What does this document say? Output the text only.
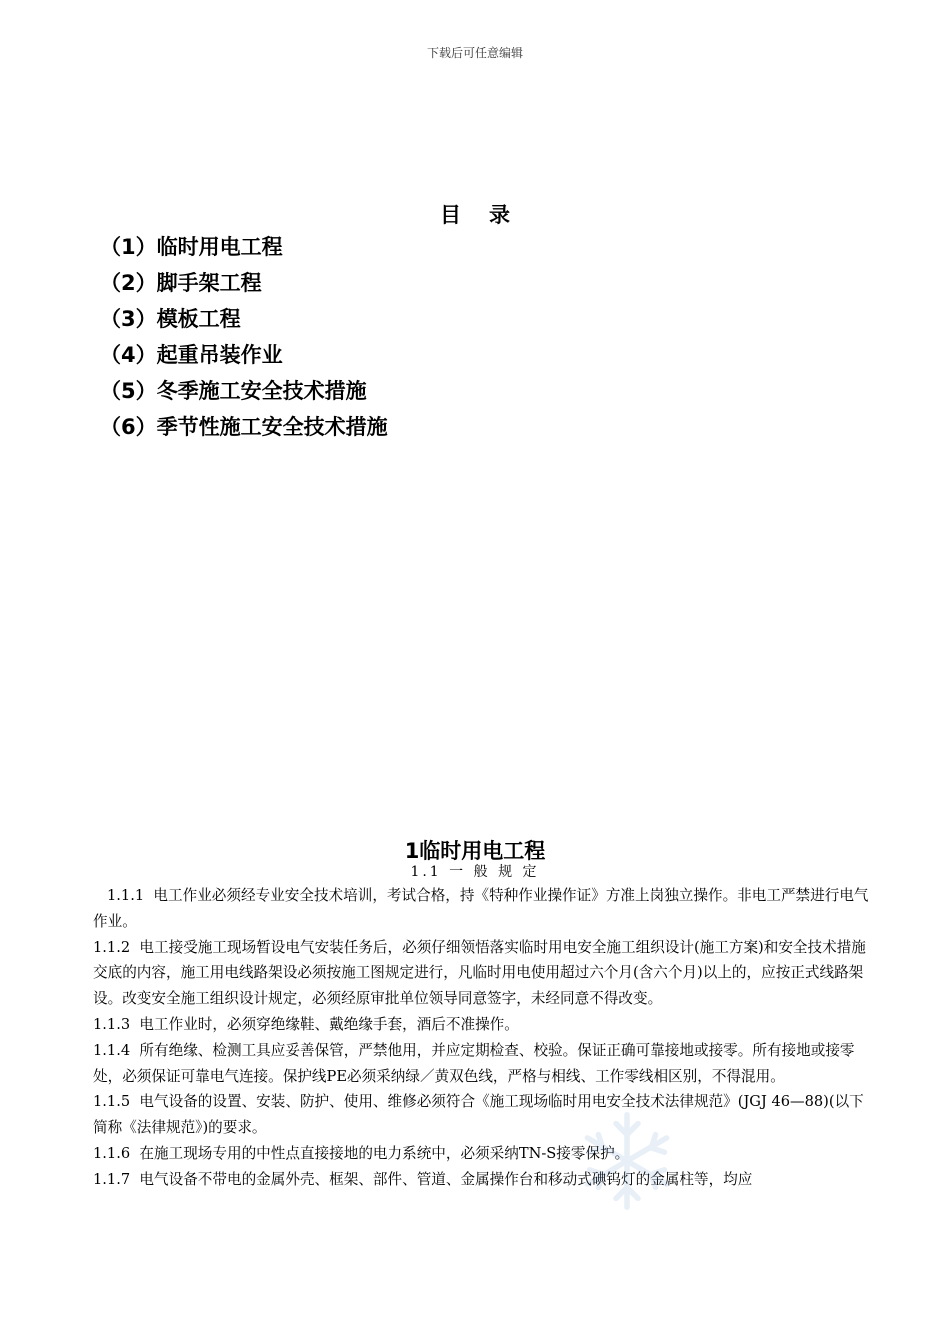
下载后可任意编辑
目 录
（1）临时用电工程
（2）脚手架工程
（3）模板工程
（4）起重吊装作业
（5）冬季施工安全技术措施
（6）季节性施工安全技术措施
1临时用电工程
1.1 一 般 规 定

1.1.1  电工作业必须经专业安全技术培训，考试合格，持《特种作业操作证》方准上岗独立操作。非电工严禁进行电气作业。

1.1.2  电工接受施工现场暂设电气安装任务后，必须仔细领悟落实临时用电安全施工组织设计(施工方案)和安全技术措施交底的内容，施工用电线路架设必须按施工图规定进行，凡临时用电使用超过六个月(含六个月)以上的，应按正式线路架设。改变安全施工组织设计规定，必须经原审批单位领导同意签字，未经同意不得改变。

1.1.3  电工作业时，必须穿绝缘鞋、戴绝缘手套，酒后不准操作。

1.1.4  所有绝缘、检测工具应妥善保管，严禁他用，并应定期检查、校验。保证正确可靠接地或接零。所有接地或接零处，必须保证可靠电气连接。保护线PE必须采纳绿／黄双色线，严格与相线、工作零线相区别，不得混用。

1.1.5  电气设备的设置、安装、防护、使用、维修必须符合《施工现场临时用电安全技术法律规范》(JGJ 46—88)(以下简称《法律规范》)的要求。

1.1.6  在施工现场专用的中性点直接接地的电力系统中，必须采纳TN-S接零保护。

1.1.7  电气设备不带电的金属外壳、框架、部件、管道、金属操作台和移动式碘钨灯的金属柱等，均应
